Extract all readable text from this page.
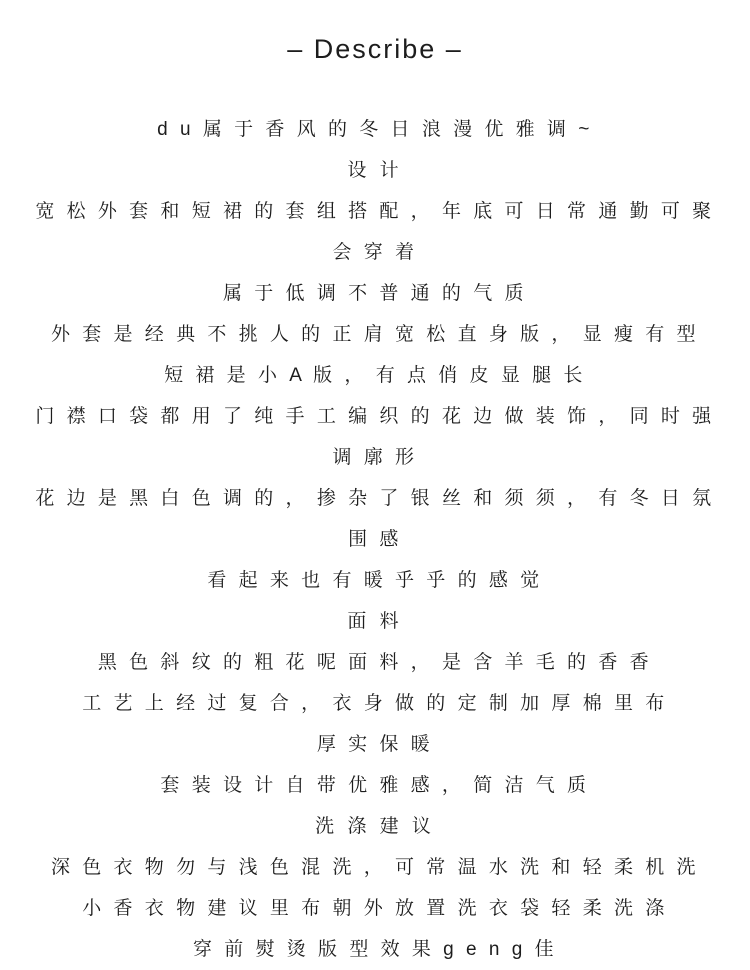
– Describe –
d u 属 于 香 风 的 冬 日 浪 漫 优 雅 调 ~
设 计
宽 松 外 套 和 短 裙 的 套 组 搭 配 ， 年 底 可 日 常 通 勤 可 聚 会 穿 着
属 于 低 调 不 普 通 的 气 质
外 套 是 经 典 不 挑 人 的 正 肩 宽 松 直 身 版 ， 显 瘦 有 型
短 裙 是 小 A 版 ， 有 点 俏 皮 显 腿 长
门 襟 口 袋 都 用 了 纯 手 工 编 织 的 花 边 做 装 饰 ， 同 时 强 调 廓 形
花 边 是 黑 白 色 调 的 ， 掺 杂 了 银 丝 和 须 须 ， 有 冬 日 氛 围 感
看 起 来 也 有 暖 乎 乎 的 感 觉
面 料
黑 色 斜 纹 的 粗 花 呢 面 料 ， 是 含 羊 毛 的 香 香
工 艺 上 经 过 复 合 ， 衣 身 做 的 定 制 加 厚 棉 里 布
厚 实 保 暖
套 装 设 计 自 带 优 雅 感 ， 简 洁 气 质
洗 涤 建 议
深 色 衣 物 勿 与 浅 色 混 洗 ， 可 常 温 水 洗 和 轻 柔 机 洗
小 香 衣 物 建 议 里 布 朝 外 放 置 洗 衣 袋 轻 柔 洗 涤
穿 前 熨 烫 版 型 效 果 g e n g 佳
